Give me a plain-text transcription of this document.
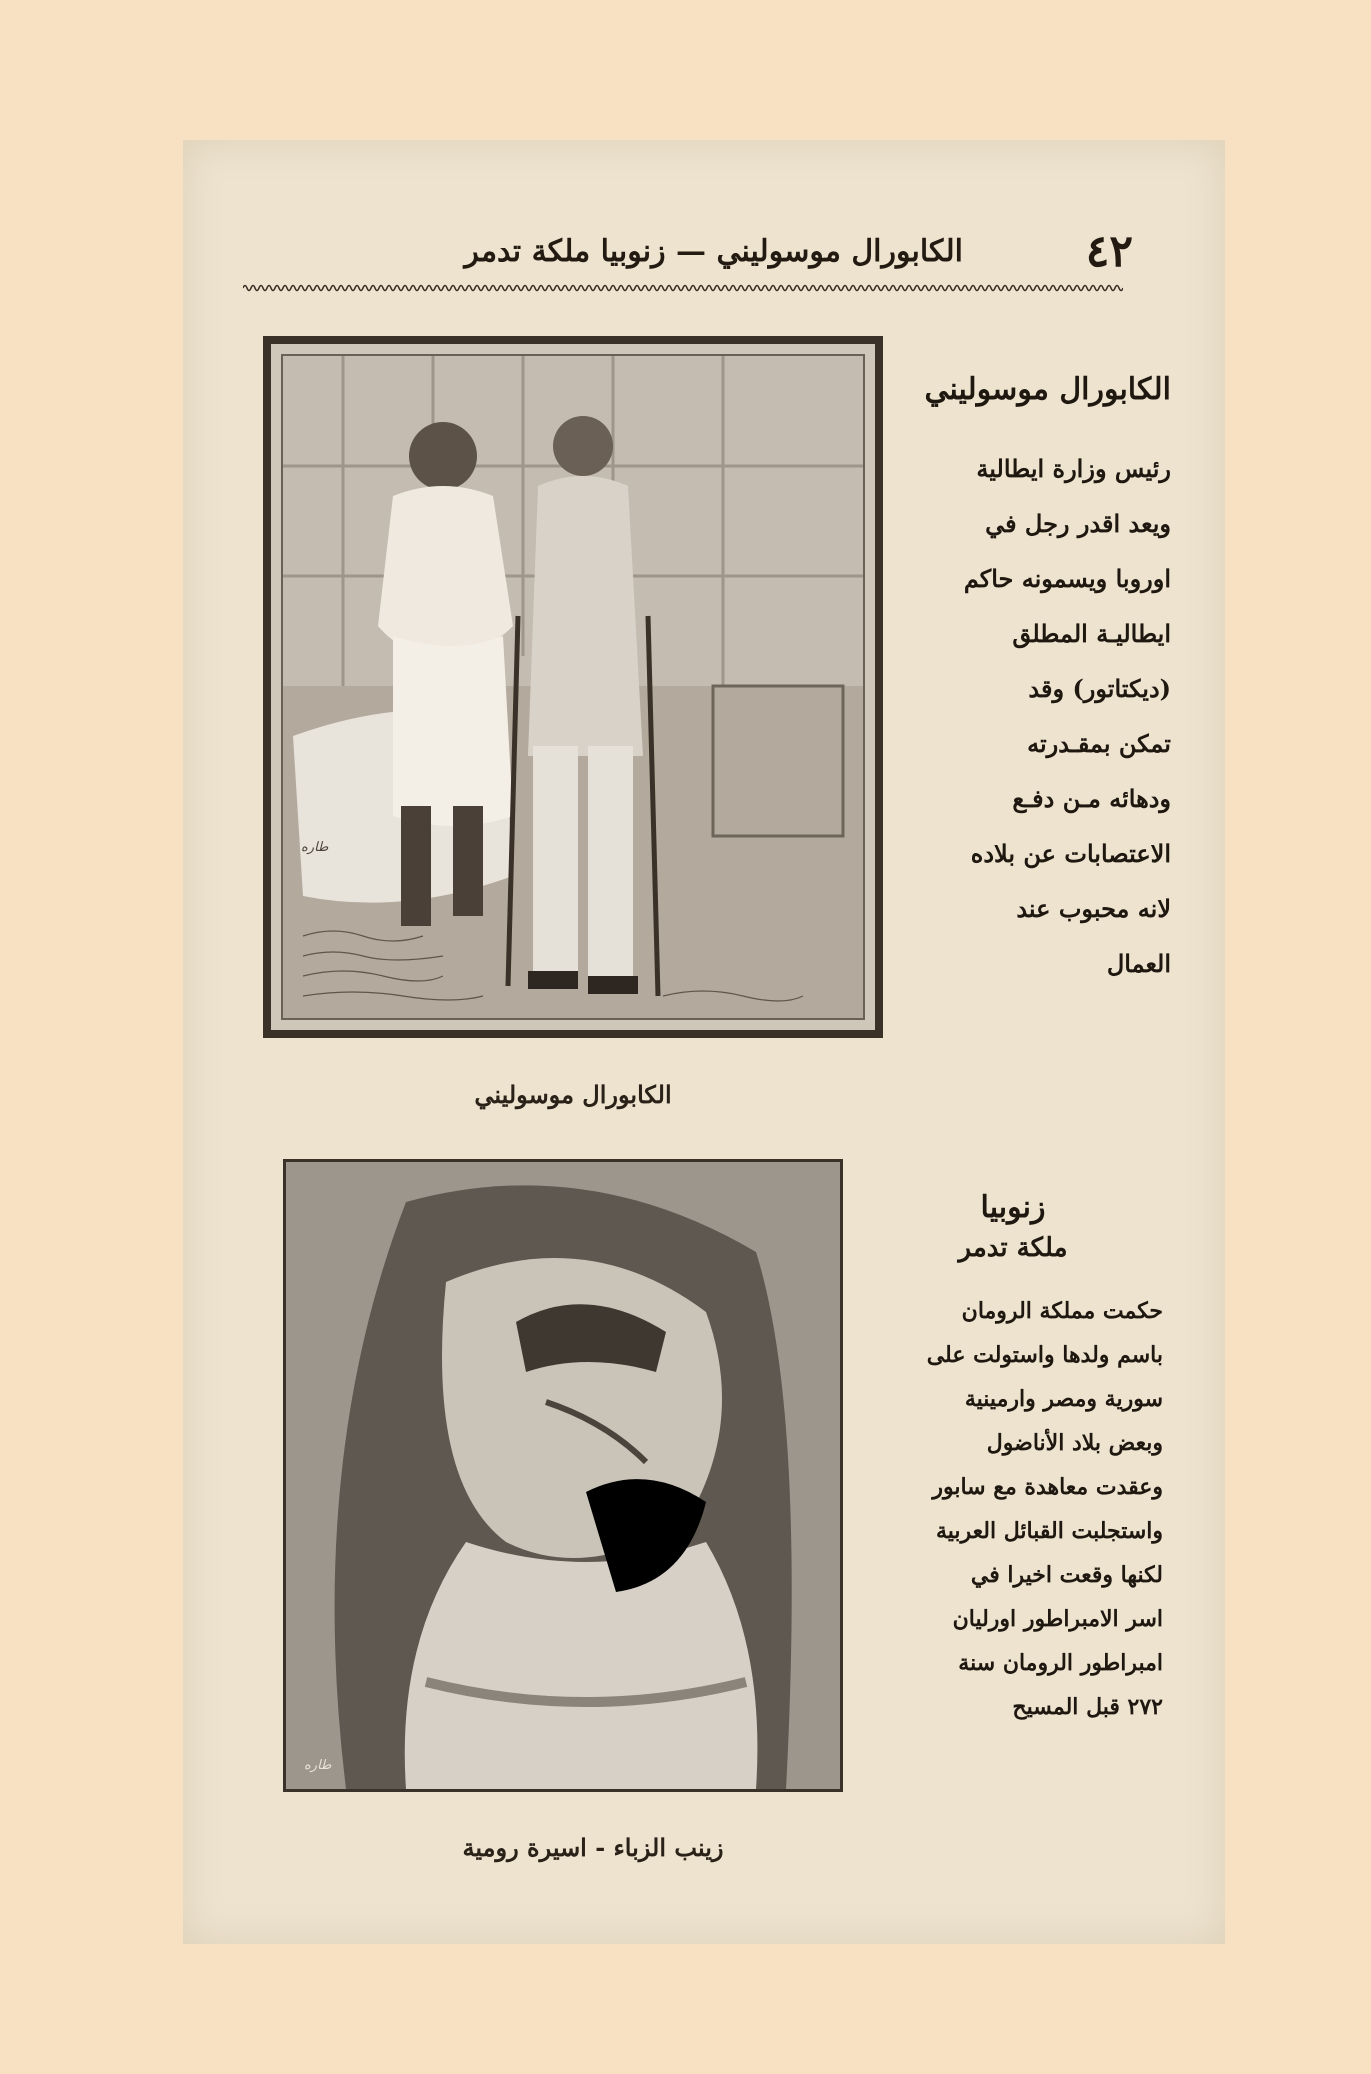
٤٢
الكابورال موسوليني — زنوبيا ملكة تدمر
طاره
الكابورال موسوليني
رئيس وزارة ايطالية
ويعد اقدر رجل في
اوروبا ويسمونه حاكم
ايطاليـة المطلق
(ديكتاتور) وقد
تمكن بمقـدرته
ودهائه مـن دفـع
الاعتصابات عن بلاده
لانه محبوب عند
العمال
الكابورال موسوليني
طاره
زنوبيا
ملكة تدمر
حكمت مملكة الرومان
باسم ولدها واستولت على
سورية ومصر وارمينية
وبعض بلاد الأناضول
وعقدت معاهدة مع سابور
واستجلبت القبائل العربية
لكنها وقعت اخيرا في
اسر الامبراطور اورليان
امبراطور الرومان سنة
٢٧٢ قبل المسيح
زينب الزباء - اسيرة رومية
